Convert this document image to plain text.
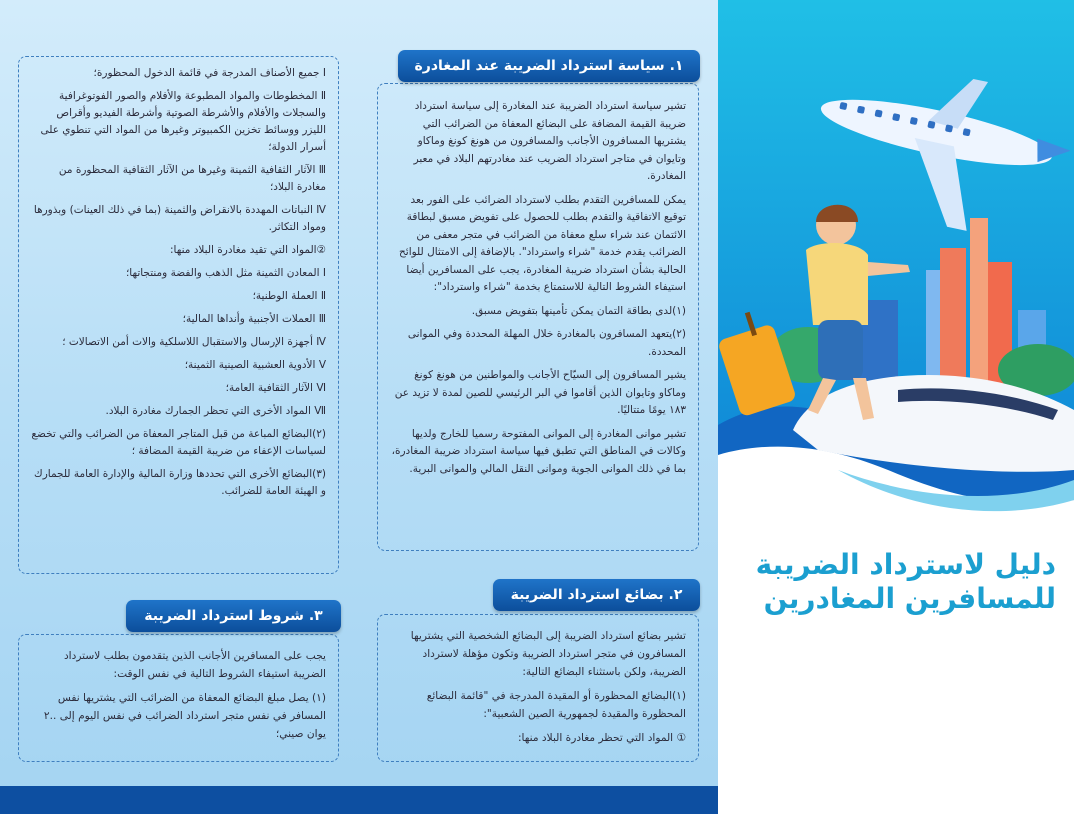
Ⅰ جميع الأصناف المدرجة في قائمة الدخول المحظورة؛

Ⅱ المخطوطات والمواد المطبوعة والأفلام والصور الفوتوغرافية والسجلات والأفلام والأشرطة الصوتية وأشرطة الفيديو وأقراص الليزر ووسائط تخزين الكمبيوتر وغيرها من المواد التي تنطوي على أسرار الدولة؛

Ⅲ الآثار الثقافية الثمينة وغيرها من الآثار الثقافية المحظورة من مغادرة البلاد؛

Ⅳ النباتات المهددة بالانقراض والثمينة (بما في ذلك العينات) وبذورها ومواد التكاثر.

②المواد التي تقيد مغادرة البلاد منها:

Ⅰ المعادن الثمينة مثل الذهب والفضة ومنتجاتها؛

Ⅱ العملة الوطنية؛

Ⅲ العملات الأجنبية وأنداها المالية؛

Ⅳ أجهزة الإرسال والاستقبال اللاسلكية والات أمن الاتصالات ؛

Ⅴ الأدوية العشبية الصينية الثمينة؛

Ⅵ الآثار الثقافية العامة؛

Ⅶ المواد الأخرى التي تحظر الجمارك مغادرة البلاد.

(٢)البضائع المباعة من قبل المتاجر المعفاة من الضرائب والتي تخضع لسياسات الإعفاء من ضريبة القيمة المضافة ؛

(٣)البضائع الأخرى التي تحددها وزارة المالية والإدارة العامة للجمارك و الهيئة العامة للضرائب.

تشير سياسة استرداد الضريبة عند المغادرة إلى سياسة استرداد ضريبة القيمة المضافة على البضائع المعفاة من الضرائب التي يشتريها المسافرون الأجانب والمسافرون من هونغ كونغ وماكاو وتايوان في متاجر استرداد الضريب عند مغادرتهم البلاد في معبر المغادرة.

يمكن للمسافرين التقدم بطلب لاسترداد الضرائب على الفور بعد توقيع الاتفاقية والتقدم بطلب للحصول على تفويض مسبق لبطاقة الائتمان عند شراء سلع معفاة من الضرائب في متجر معفى من الضرائب يقدم خدمة "شراء واسترداد". بالإضافة إلى الامتثال للوائح الحالية بشأن استرداد ضريبة المغادرة، يجب على المسافرين أيضا استيفاء الشروط التالية للاستمتاع بخدمة "شراء واسترداد":

(١)لدى بطاقة التمان يمكن تأمينها بتفويض مسبق.

(٢)يتعهد المسافرون بالمغادرة خلال المهلة المحددة وفي الموانى المحددة.

يشير المسافرون إلى السيّاح الأجانب والمواطنين من هونغ كونغ وماكاو وتايوان الذين أقاموا في البر الرئيسي للصين لمدة لا تزيد عن ١٨٣ يومًا متتاليًا.

تشير موانى المغادرة إلى الموانى المفتوحة رسميا للخارج ولديها وكالات في المناطق التي تطبق فيها سياسة استرداد ضريبة المغادرة، بما في ذلك الموانى الجوية وموانى النقل المالي والموانى البرية.

١. سياسة استرداد الضريبة عند المغادرة

تشير بضائع استرداد الضريبة إلى البضائع الشخصية التي يشتريها المسافرون في متجر استرداد الضريبة وتكون مؤهلة لاسترداد الضريبة، ولكن باستثناء البضائع التالية:

(١)البضائع المحظورة أو المقيدة المدرجة في "قائمة البضائع المحظورة والمقيدة لجمهورية الصين الشعبية":

① المواد التي تحظر مغادرة البلاد منها:

٢. بضائع استرداد الضريبة

يجب على المسافرين الأجانب الذين يتقدمون بطلب لاسترداد الضريبة استيفاء الشروط التالية في نفس الوقت:

(١) يصل مبلغ البضائع المعفاة من الضرائب التي يشتريها نفس المسافر في نفس متجر استرداد الضرائب في نفس اليوم إلى ..٢ يوان صيني؛

٣. شروط استرداد الضريبة
دليل لاسترداد الضريبة
للمسافرين المغادرين
